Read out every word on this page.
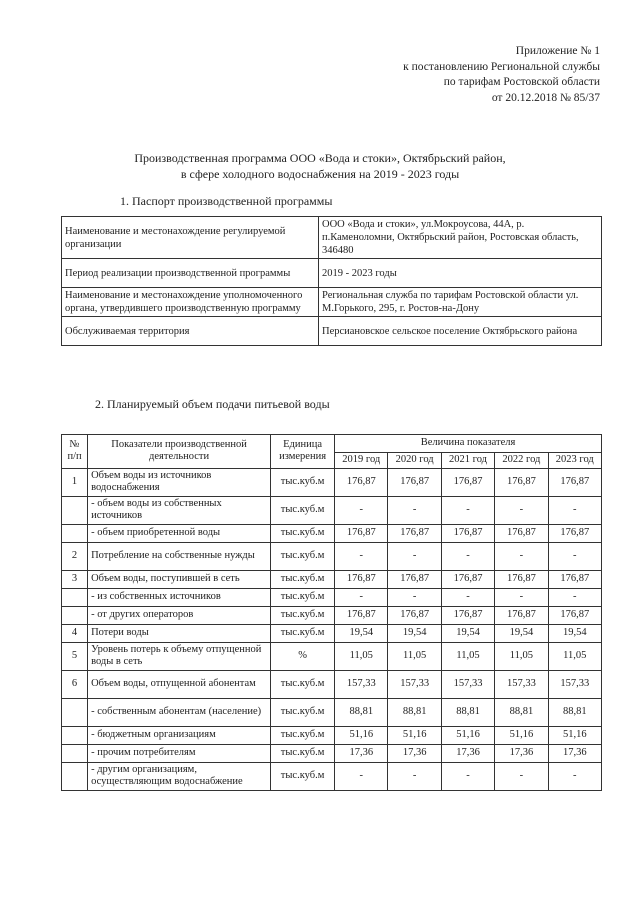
Приложение № 1
к постановлению Региональной службы
по тарифам Ростовской области
от 20.12.2018 № 85/37
Производственная программа ООО «Вода и стоки», Октябрьский район,
в сфере холодного водоснабжения на 2019 - 2023 годы
1. Паспорт производственной программы
Наименование и местонахождение регулируемой организации	ООО «Вода и стоки», ул.Мокроусова, 44А, р. п.Каменоломни, Октябрьский район, Ростовская область, 346480
Период реализации производственной программы	2019 - 2023 годы
Наименование и местонахождение уполномоченного органа, утвердившего производственную программу	Региональная служба по тарифам Ростовской области ул. М.Горького, 295, г. Ростов-на-Дону
Обслуживаемая территория	Персиановское сельское поселение Октябрьского района
2. Планируемый объем подачи питьевой воды
№ п/п	Показатели производственной деятельности	Единица измерения	Величина показателя				
			2019 год	2020 год	2021 год	2022 год	2023 год
1	Объем воды из источников водоснабжения	тыс.куб.м	176,87	176,87	176,87	176,87	176,87
	- объем воды из собственных источников	тыс.куб.м	-	-	-	-	-
	- объем приобретенной воды	тыс.куб.м	176,87	176,87	176,87	176,87	176,87
2	Потребление на собственные нужды	тыс.куб.м	-	-	-	-	-
3	Объем воды, поступившей в сеть	тыс.куб.м	176,87	176,87	176,87	176,87	176,87
	- из собственных источников	тыс.куб.м	-	-	-	-	-
	- от других операторов	тыс.куб.м	176,87	176,87	176,87	176,87	176,87
4	Потери воды	тыс.куб.м	19,54	19,54	19,54	19,54	19,54
5	Уровень потерь к объему отпущенной воды в сеть	%	11,05	11,05	11,05	11,05	11,05
6	Объем воды, отпущенной абонентам	тыс.куб.м	157,33	157,33	157,33	157,33	157,33
	- собственным абонентам (население)	тыс.куб.м	88,81	88,81	88,81	88,81	88,81
	- бюджетным организациям	тыс.куб.м	51,16	51,16	51,16	51,16	51,16
	- прочим потребителям	тыс.куб.м	17,36	17,36	17,36	17,36	17,36
	- другим организациям, осуществляющим водоснабжение	тыс.куб.м	-	-	-	-	-
